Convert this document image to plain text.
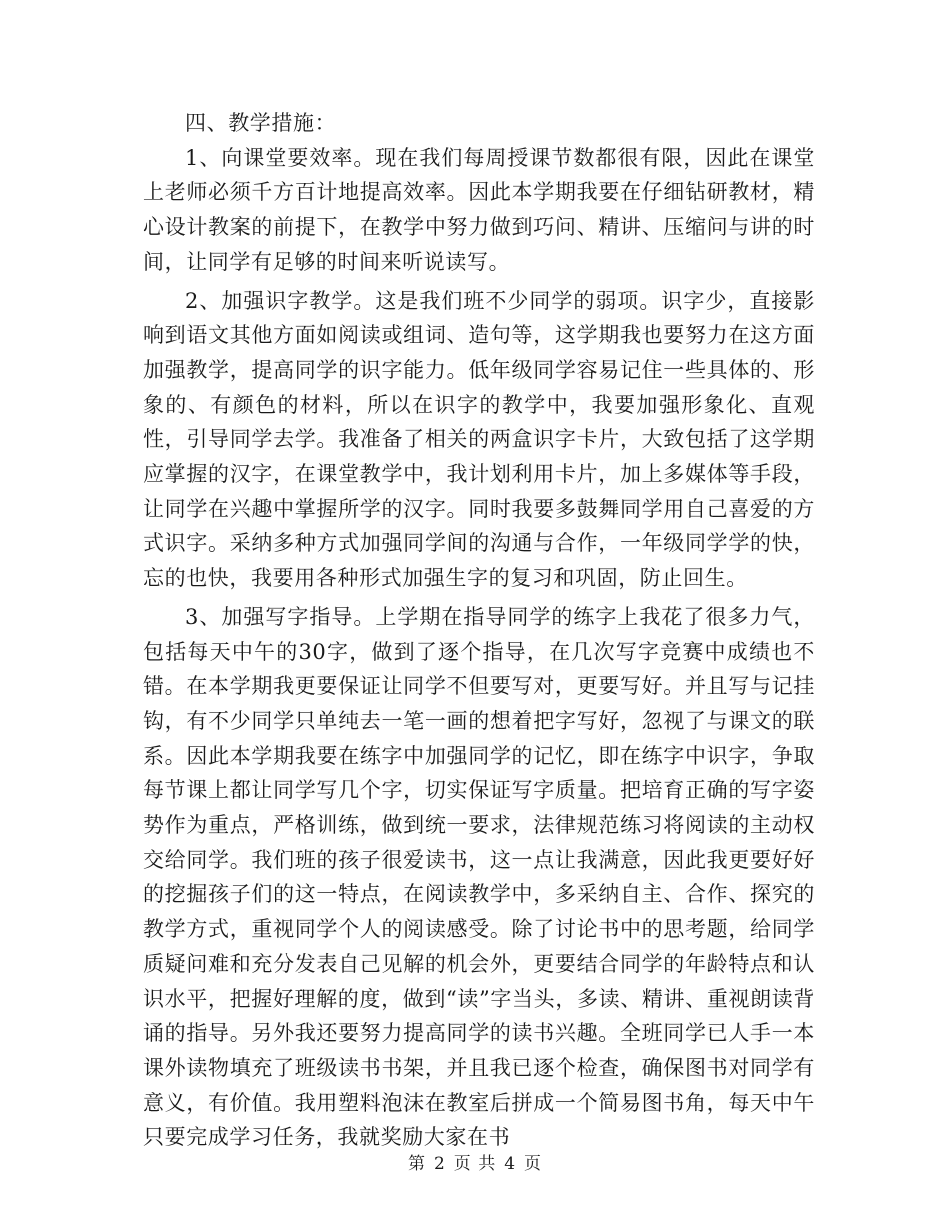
四、教学措施：

1、向课堂要效率。现在我们每周授课节数都很有限，因此在课堂上老师必须千方百计地提高效率。因此本学期我要在仔细钻研教材，精心设计教案的前提下，在教学中努力做到巧问、精讲、压缩问与讲的时间，让同学有足够的时间来听说读写。

2、加强识字教学。这是我们班不少同学的弱项。识字少，直接影响到语文其他方面如阅读或组词、造句等，这学期我也要努力在这方面加强教学，提高同学的识字能力。低年级同学容易记住一些具体的、形象的、有颜色的材料，所以在识字的教学中，我要加强形象化、直观性，引导同学去学。我准备了相关的两盒识字卡片，大致包括了这学期应掌握的汉字，在课堂教学中，我计划利用卡片，加上多媒体等手段，让同学在兴趣中掌握所学的汉字。同时我要多鼓舞同学用自己喜爱的方式识字。采纳多种方式加强同学间的沟通与合作，一年级同学学的快，忘的也快，我要用各种形式加强生字的复习和巩固，防止回生。

3、加强写字指导。上学期在指导同学的练字上我花了很多力气，包括每天中午的30字，做到了逐个指导，在几次写字竞赛中成绩也不错。在本学期我更要保证让同学不但要写对，更要写好。并且写与记挂钩，有不少同学只单纯去一笔一画的想着把字写好，忽视了与课文的联系。因此本学期我要在练字中加强同学的记忆，即在练字中识字，争取每节课上都让同学写几个字，切实保证写字质量。把培育正确的写字姿势作为重点，严格训练，做到统一要求，法律规范练习将阅读的主动权交给同学。我们班的孩子很爱读书，这一点让我满意，因此我更要好好的挖掘孩子们的这一特点，在阅读教学中，多采纳自主、合作、探究的教学方式，重视同学个人的阅读感受。除了讨论书中的思考题，给同学质疑问难和充分发表自己见解的机会外，更要结合同学的年龄特点和认识水平，把握好理解的度，做到“读”字当头，多读、精讲、重视朗读背诵的指导。另外我还要努力提高同学的读书兴趣。全班同学已人手一本课外读物填充了班级读书书架，并且我已逐个检查，确保图书对同学有意义，有价值。我用塑料泡沫在教室后拼成一个简易图书角，每天中午只要完成学习任务，我就奖励大家在书

第 2 页 共 4 页
